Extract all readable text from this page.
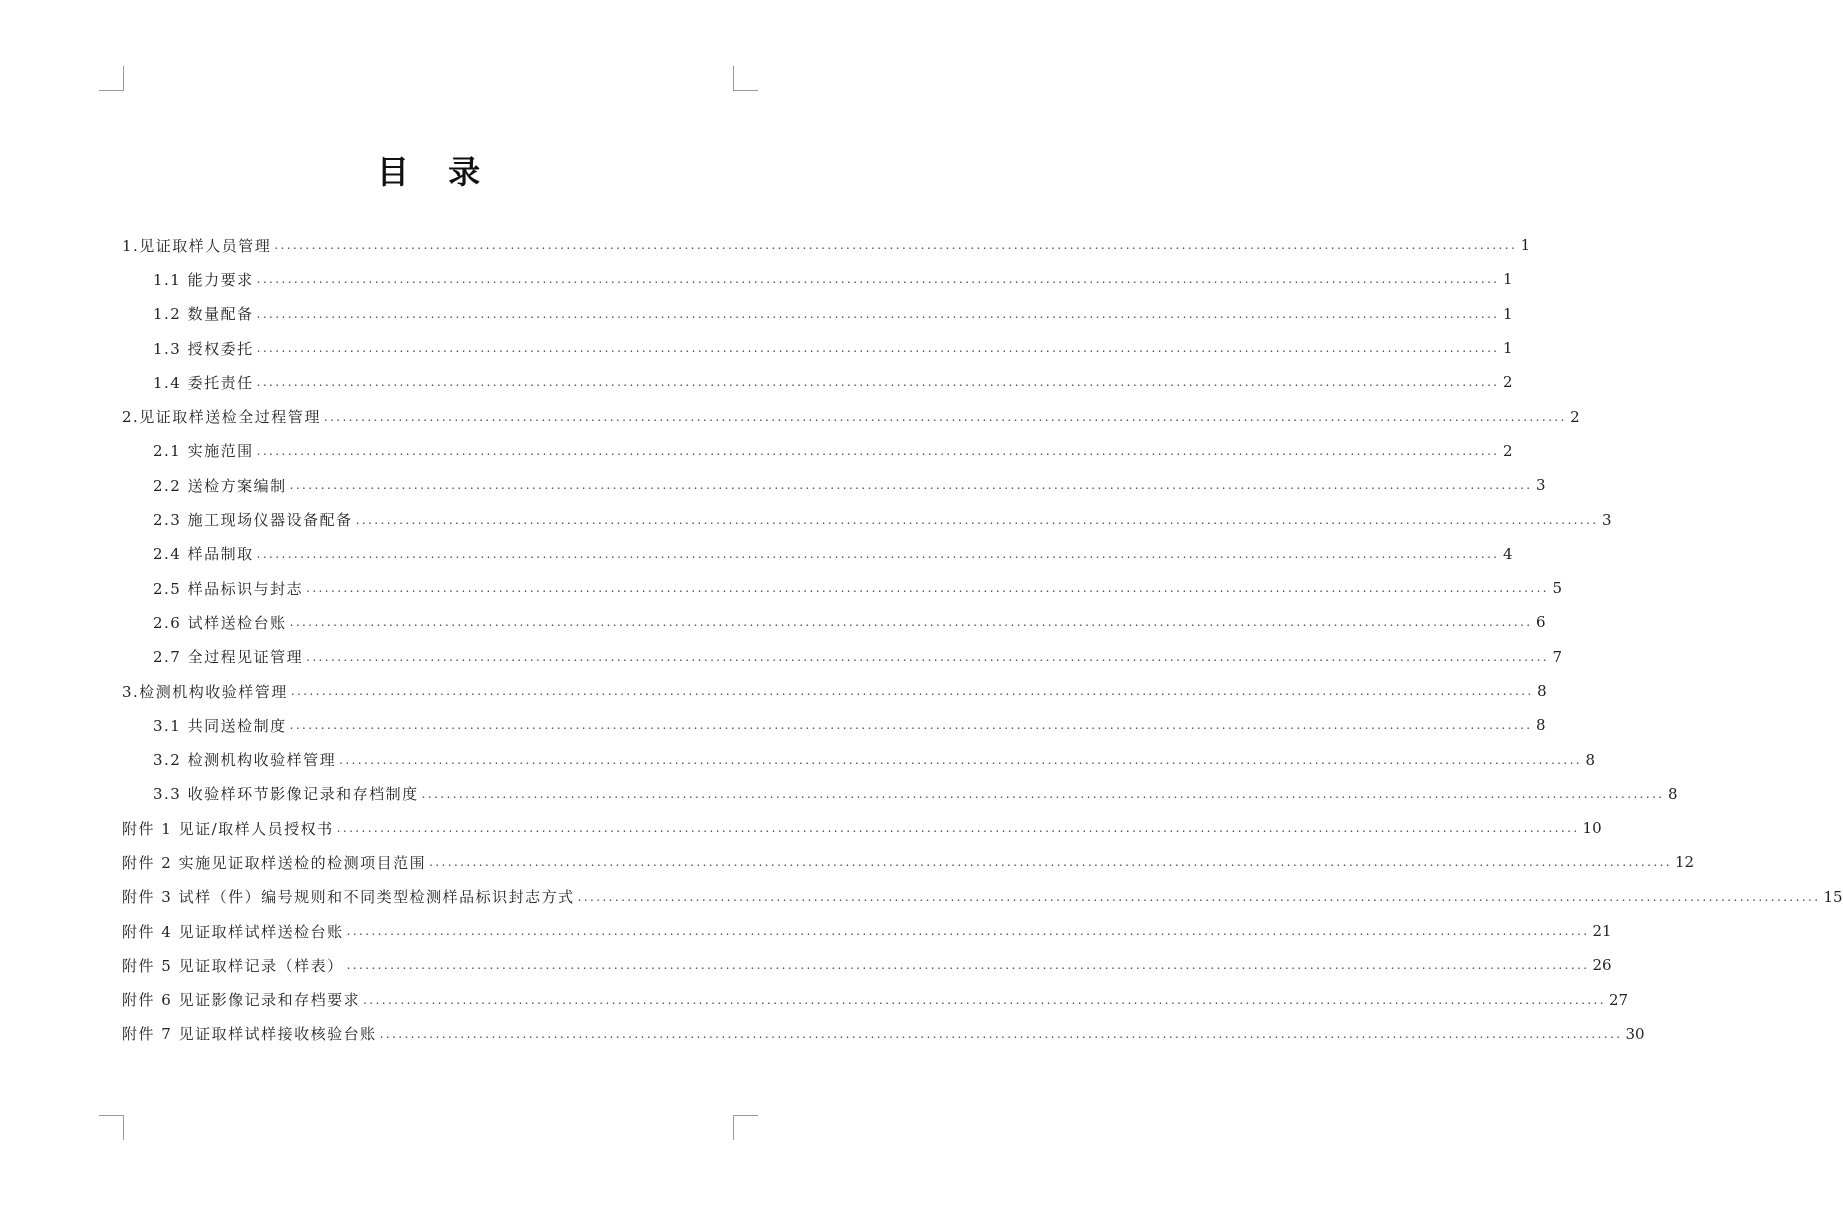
目 录
1.见证取样人员管理 ........................................................................................................................................................................................................ 1
1.1 能力要求 ........................................................................................................................................................................................................ 1
1.2 数量配备 ........................................................................................................................................................................................................ 1
1.3 授权委托 ........................................................................................................................................................................................................ 1
1.4 委托责任 ........................................................................................................................................................................................................ 2
2.见证取样送检全过程管理 ........................................................................................................................................................................................................ 2
2.1 实施范围 ........................................................................................................................................................................................................ 2
2.2 送检方案编制 ........................................................................................................................................................................................................ 3
2.3 施工现场仪器设备配备 ........................................................................................................................................................................................................ 3
2.4 样品制取 ........................................................................................................................................................................................................ 4
2.5 样品标识与封志 ........................................................................................................................................................................................................ 5
2.6 试样送检台账 ........................................................................................................................................................................................................ 6
2.7 全过程见证管理 ........................................................................................................................................................................................................ 7
3.检测机构收验样管理 ........................................................................................................................................................................................................ 8
3.1 共同送检制度 ........................................................................................................................................................................................................ 8
3.2 检测机构收验样管理 ........................................................................................................................................................................................................ 8
3.3 收验样环节影像记录和存档制度 ........................................................................................................................................................................................................ 8
附件 1 见证/取样人员授权书 ........................................................................................................................................................................................................ 10
附件 2 实施见证取样送检的检测项目范围 ........................................................................................................................................................................................................ 12
附件 3 试样（件）编号规则和不同类型检测样品标识封志方式 ........................................................................................................................................................................................................ 15
附件 4 见证取样试样送检台账 ........................................................................................................................................................................................................ 21
附件 5 见证取样记录（样表） ........................................................................................................................................................................................................ 26
附件 6 见证影像记录和存档要求 ........................................................................................................................................................................................................ 27
附件 7 见证取样试样接收核验台账 ........................................................................................................................................................................................................ 30
